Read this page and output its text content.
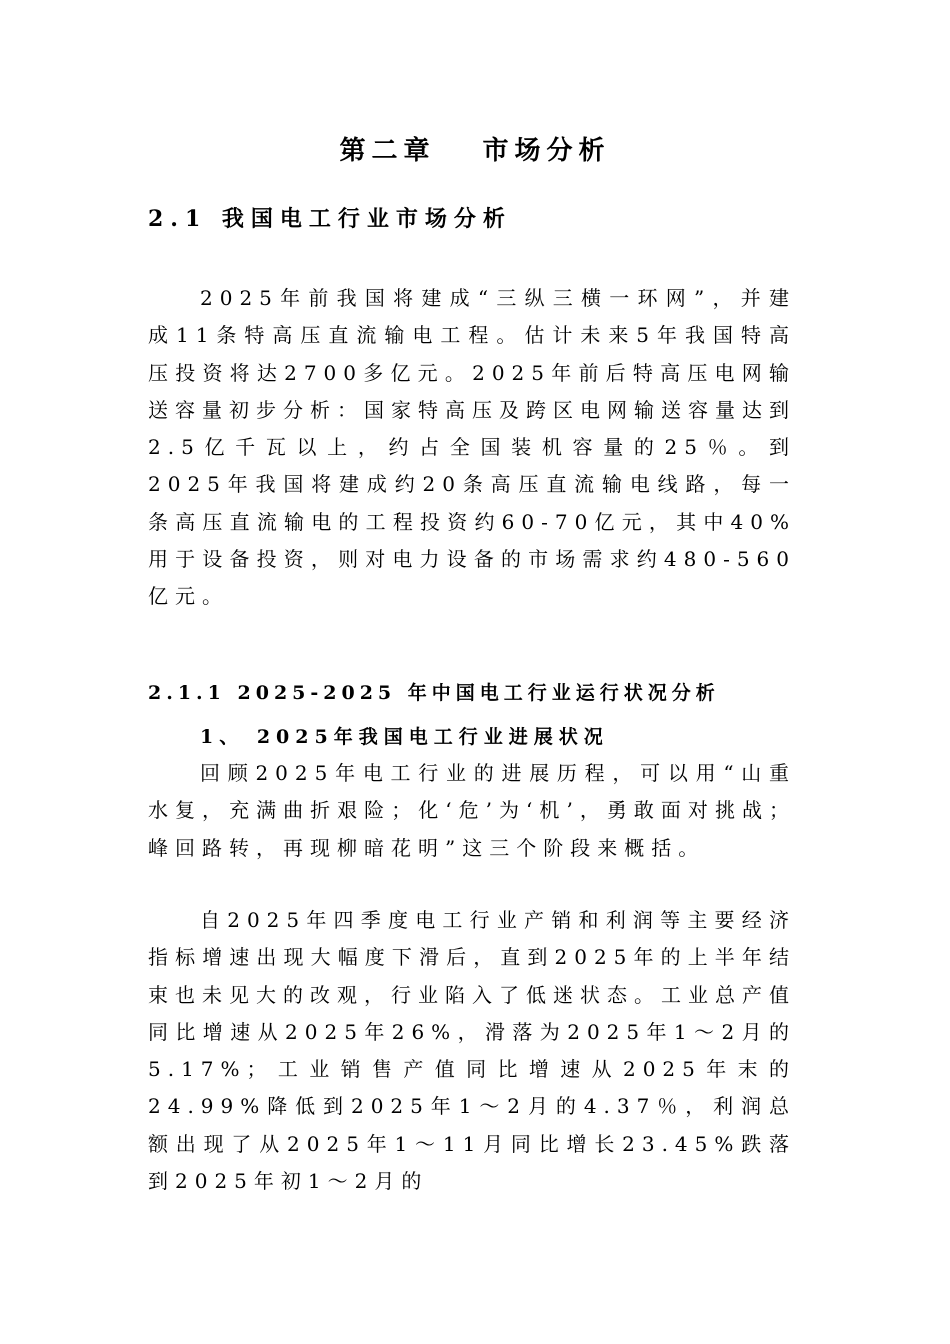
第二章　 市场分析
2.1 我国电工行业市场分析

2025年前我国将建成“三纵三横一环网”，并建成11条特高压直流输电工程。估计未来5年我国特高压投资将达2700多亿元。2025年前后特高压电网输送容量初步分析：国家特高压及跨区电网输送容量达到2.5亿千瓦以上，约占全国装机容量的25％。到2025年我国将建成约20条高压直流输电线路，每一条高压直流输电的工程投资约60-70亿元，其中40%用于设备投资，则对电力设备的市场需求约480-560亿元。

2.1.1 2025-2025 年中国电工行业运行状况分析
1、 2025年我国电工行业进展状况

回顾2025年电工行业的进展历程，可以用“山重水复，充满曲折艰险；化‘危’为‘机’，勇敢面对挑战；峰回路转，再现柳暗花明”这三个阶段来概括。

自2025年四季度电工行业产销和利润等主要经济指标增速出现大幅度下滑后，直到2025年的上半年结束也未见大的改观，行业陷入了低迷状态。工业总产值同比增速从2025年26%，滑落为2025年1～2月的5.17%；工业销售产值同比增速从2025年末的24.99%降低到2025年1～2月的4.37％，利润总额出现了从2025年1～11月同比增长23.45%跌落到2025年初1～2月的
